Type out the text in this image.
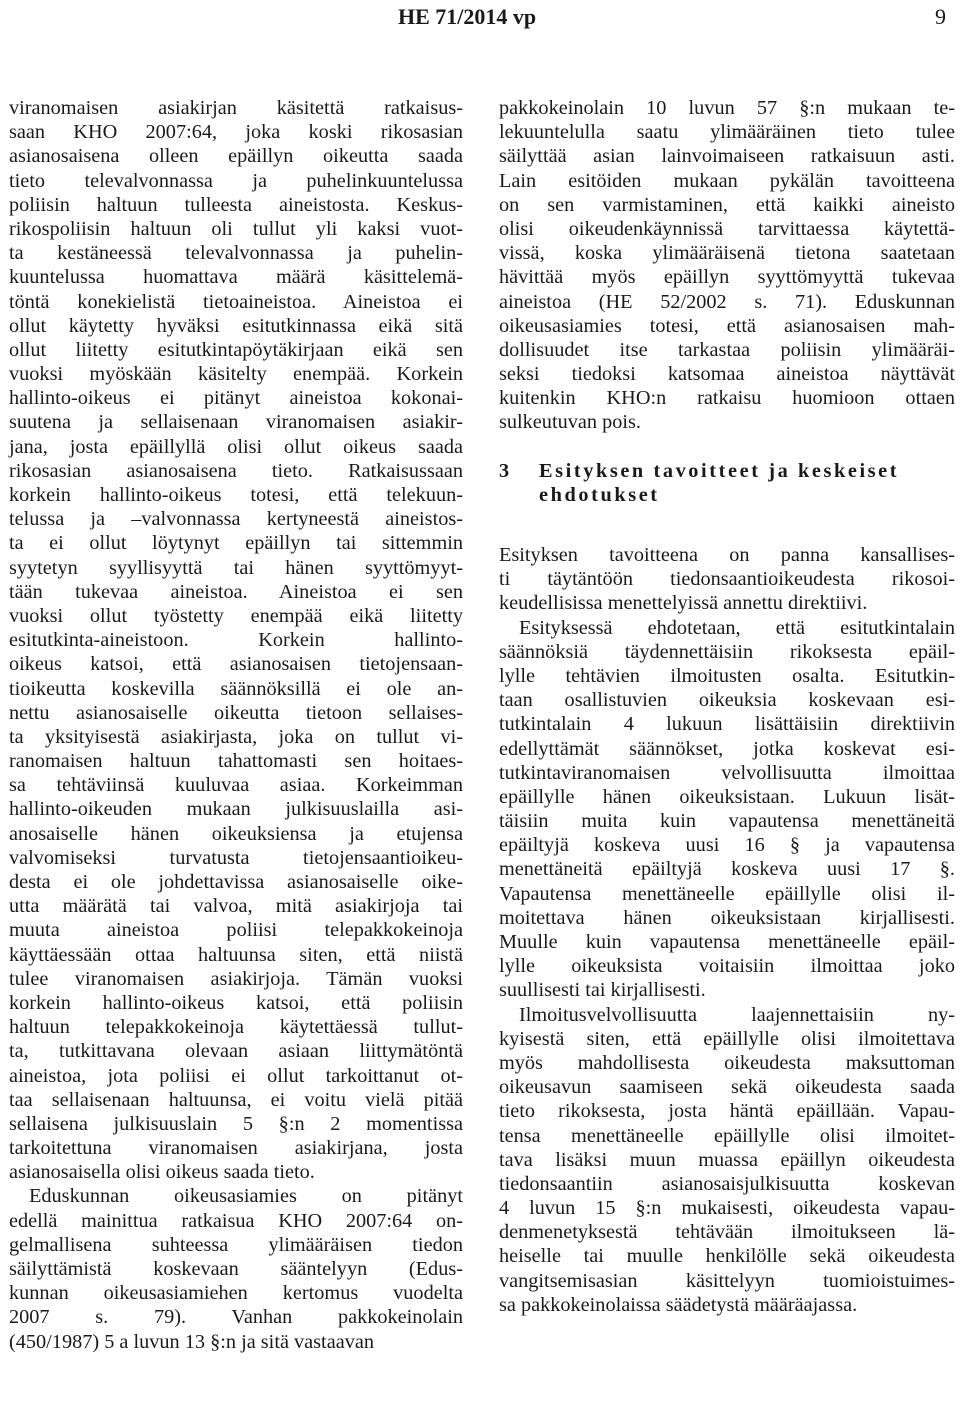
HE 71/2014 vp	9

viranomaisen asiakirjan käsitettä ratkaisus-
saan KHO 2007:64, joka koski rikosasian
asianosaisena olleen epäillyn oikeutta saada
tieto televalvonnassa ja puhelinkuuntelussa
poliisin haltuun tulleesta aineistosta. Keskus-
rikospoliisin haltuun oli tullut yli kaksi vuot-
ta kestäneessä televalvonnassa ja puhelin-
kuuntelussa huomattava määrä käsittelemä-
töntä konekielistä tietoaineistoa. Aineistoa ei
ollut käytetty hyväksi esitutkinnassa eikä sitä
ollut liitetty esitutkintapöytäkirjaan eikä sen
vuoksi myöskään käsitelty enempää. Korkein
hallinto-oikeus ei pitänyt aineistoa kokonai-
suutena ja sellaisenaan viranomaisen asiakir-
jana, josta epäillyllä olisi ollut oikeus saada
rikosasian asianosaisena tieto. Ratkaisussaan
korkein hallinto-oikeus totesi, että telekuun-
telussa ja –valvonnassa kertyneestä aineistos-
ta ei ollut löytynyt epäillyn tai sittemmin
syytetyn syyllisyyttä tai hänen syyttömyyt-
tään tukevaa aineistoa. Aineistoa ei sen
vuoksi ollut työstetty enempää eikä liitetty
esitutkinta-aineistoon. Korkein hallinto-
oikeus katsoi, että asianosaisen tietojensaan-
tioikeutta koskevilla säännöksillä ei ole an-
nettu asianosaiselle oikeutta tietoon sellaises-
ta yksityisestä asiakirjasta, joka on tullut vi-
ranomaisen haltuun tahattomasti sen hoitaes-
sa tehtäviinsä kuuluvaa asiaa. Korkeimman
hallinto-oikeuden mukaan julkisuuslailla asi-
anosaiselle hänen oikeuksiensa ja etujensa
valvomiseksi turvatusta tietojensaantioikeu-
desta ei ole johdettavissa asianosaiselle oike-
utta määrätä tai valvoa, mitä asiakirjoja tai
muuta aineistoa poliisi telepakkokeinoja
käyttäessään ottaa haltuunsa siten, että niistä
tulee viranomaisen asiakirjoja. Tämän vuoksi
korkein hallinto-oikeus katsoi, että poliisin
haltuun telepakkokeinoja käytettäessä tullut-
ta, tutkittavana olevaan asiaan liittymätöntä
aineistoa, jota poliisi ei ollut tarkoittanut ot-
taa sellaisenaan haltuunsa, ei voitu vielä pitää
sellaisena julkisuuslain 5 §:n 2 momentissa
tarkoitettuna viranomaisen asiakirjana, josta
asianosaisella olisi oikeus saada tieto.

Eduskunnan oikeusasiamies on pitänyt
edellä mainittua ratkaisua KHO 2007:64 on-
gelmallisena suhteessa ylimääräisen tiedon
säilyttämistä koskevaan sääntelyyn (Edus-
kunnan oikeusasiamiehen kertomus vuodelta
2007 s. 79). Vanhan pakkokeinolain
(450/1987) 5 a luvun 13 §:n ja sitä vastaavan

pakkokeinolain 10 luvun 57 §:n mukaan te-
lekuuntelulla saatu ylimääräinen tieto tulee
säilyttää asian lainvoimaiseen ratkaisuun asti.
Lain esitöiden mukaan pykälän tavoitteena
on sen varmistaminen, että kaikki aineisto
olisi oikeudenkäynnissä tarvittaessa käytettä-
vissä, koska ylimääräisenä tietona saatetaan
hävittää myös epäillyn syyttömyyttä tukevaa
aineistoa (HE 52/2002 s. 71). Eduskunnan
oikeusasiamies totesi, että asianosaisen mah-
dollisuudet itse tarkastaa poliisin ylimääräi-
seksi tiedoksi katsomaa aineistoa näyttävät
kuitenkin KHO:n ratkaisu huomioon ottaen
sulkeutuvan pois.

3 Esityksen tavoitteet ja keskeiset
ehdotukset

Esityksen tavoitteena on panna kansallises-
ti täytäntöön tiedonsaantioikeudesta rikosoi-
keudellisissa menettelyissä annettu direktiivi.

Esityksessä ehdotetaan, että esitutkintalain
säännöksiä täydennettäisiin rikoksesta epäil-
lylle tehtävien ilmoitusten osalta. Esitutkin-
taan osallistuvien oikeuksia koskevaan esi-
tutkintalain 4 lukuun lisättäisiin direktiivin
edellyttämät säännökset, jotka koskevat esi-
tutkintaviranomaisen velvollisuutta ilmoittaa
epäillylle hänen oikeuksistaan. Lukuun lisät-
täisiin muita kuin vapautensa menettäneitä
epäiltyjä koskeva uusi 16 § ja vapautensa
menettäneitä epäiltyjä koskeva uusi 17 §.
Vapautensa menettäneelle epäillylle olisi il-
moitettava hänen oikeuksistaan kirjallisesti.
Muulle kuin vapautensa menettäneelle epäil-
lylle oikeuksista voitaisiin ilmoittaa joko
suullisesti tai kirjallisesti.

Ilmoitusvelvollisuutta laajennettaisiin ny-
kyisestä siten, että epäillylle olisi ilmoitettava
myös mahdollisesta oikeudesta maksuttoman
oikeusavun saamiseen sekä oikeudesta saada
tieto rikoksesta, josta häntä epäillään. Vapau-
tensa menettäneelle epäillylle olisi ilmoitet-
tava lisäksi muun muassa epäillyn oikeudesta
tiedonsaantiin asianosaisjulkisuutta koskevan
4 luvun 15 §:n mukaisesti, oikeudesta vapau-
denmenetyksestä tehtävään ilmoitukseen lä-
heiselle tai muulle henkilölle sekä oikeudesta
vangitsemisasian käsittelyyn tuomioistuimes-
sa pakkokeinolaissa säädetystä määräajassa.
